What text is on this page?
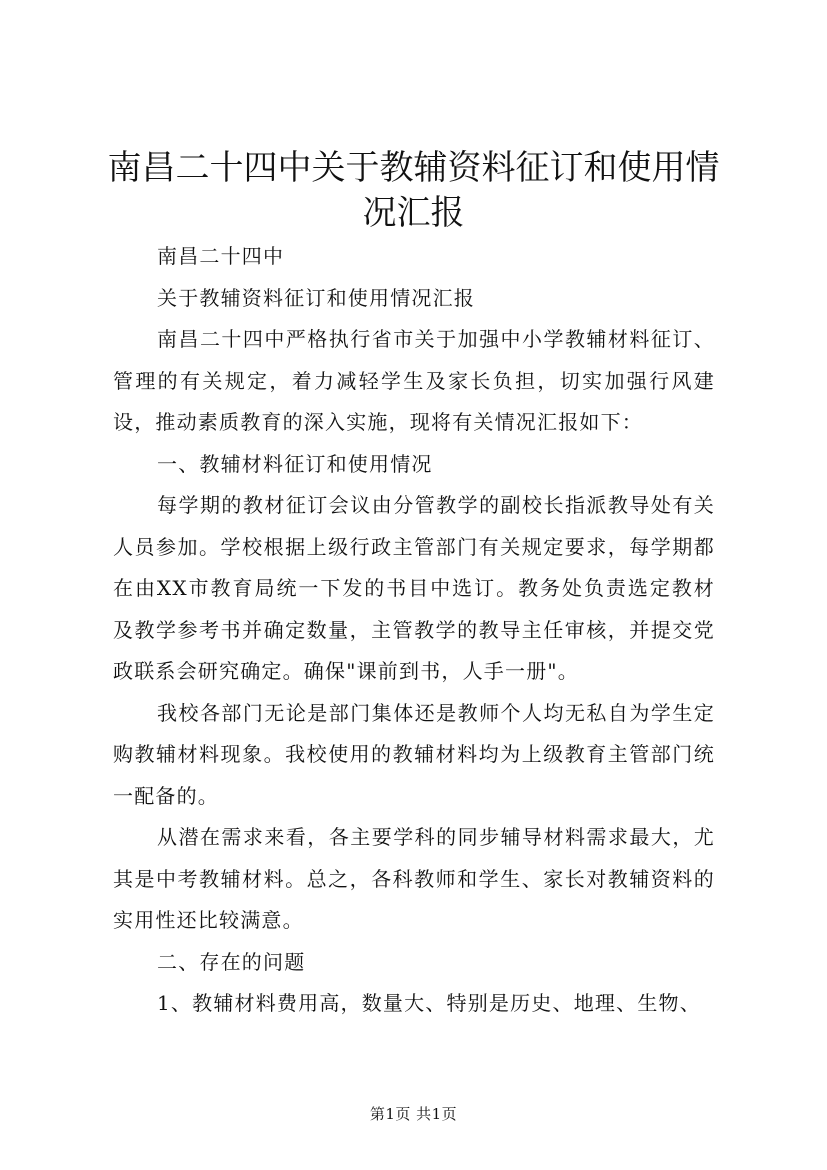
南昌二十四中关于教辅资料征订和使用情况汇报

南昌二十四中

关于教辅资料征订和使用情况汇报

南昌二十四中严格执行省市关于加强中小学教辅材料征订、管理的有关规定，着力减轻学生及家长负担，切实加强行风建设，推动素质教育的深入实施，现将有关情况汇报如下：

一、教辅材料征订和使用情况

每学期的教材征订会议由分管教学的副校长指派教导处有关人员参加。学校根据上级行政主管部门有关规定要求，每学期都在由XX市教育局统一下发的书目中选订。教务处负责选定教材及教学参考书并确定数量，主管教学的教导主任审核，并提交党政联系会研究确定。确保"课前到书，人手一册"。

我校各部门无论是部门集体还是教师个人均无私自为学生定购教辅材料现象。我校使用的教辅材料均为上级教育主管部门统一配备的。

从潜在需求来看，各主要学科的同步辅导材料需求最大，尤其是中考教辅材料。总之，各科教师和学生、家长对教辅资料的实用性还比较满意。

二、存在的问题

1、教辅材料费用高，数量大、特别是历史、地理、生物、

第1页 共1页
